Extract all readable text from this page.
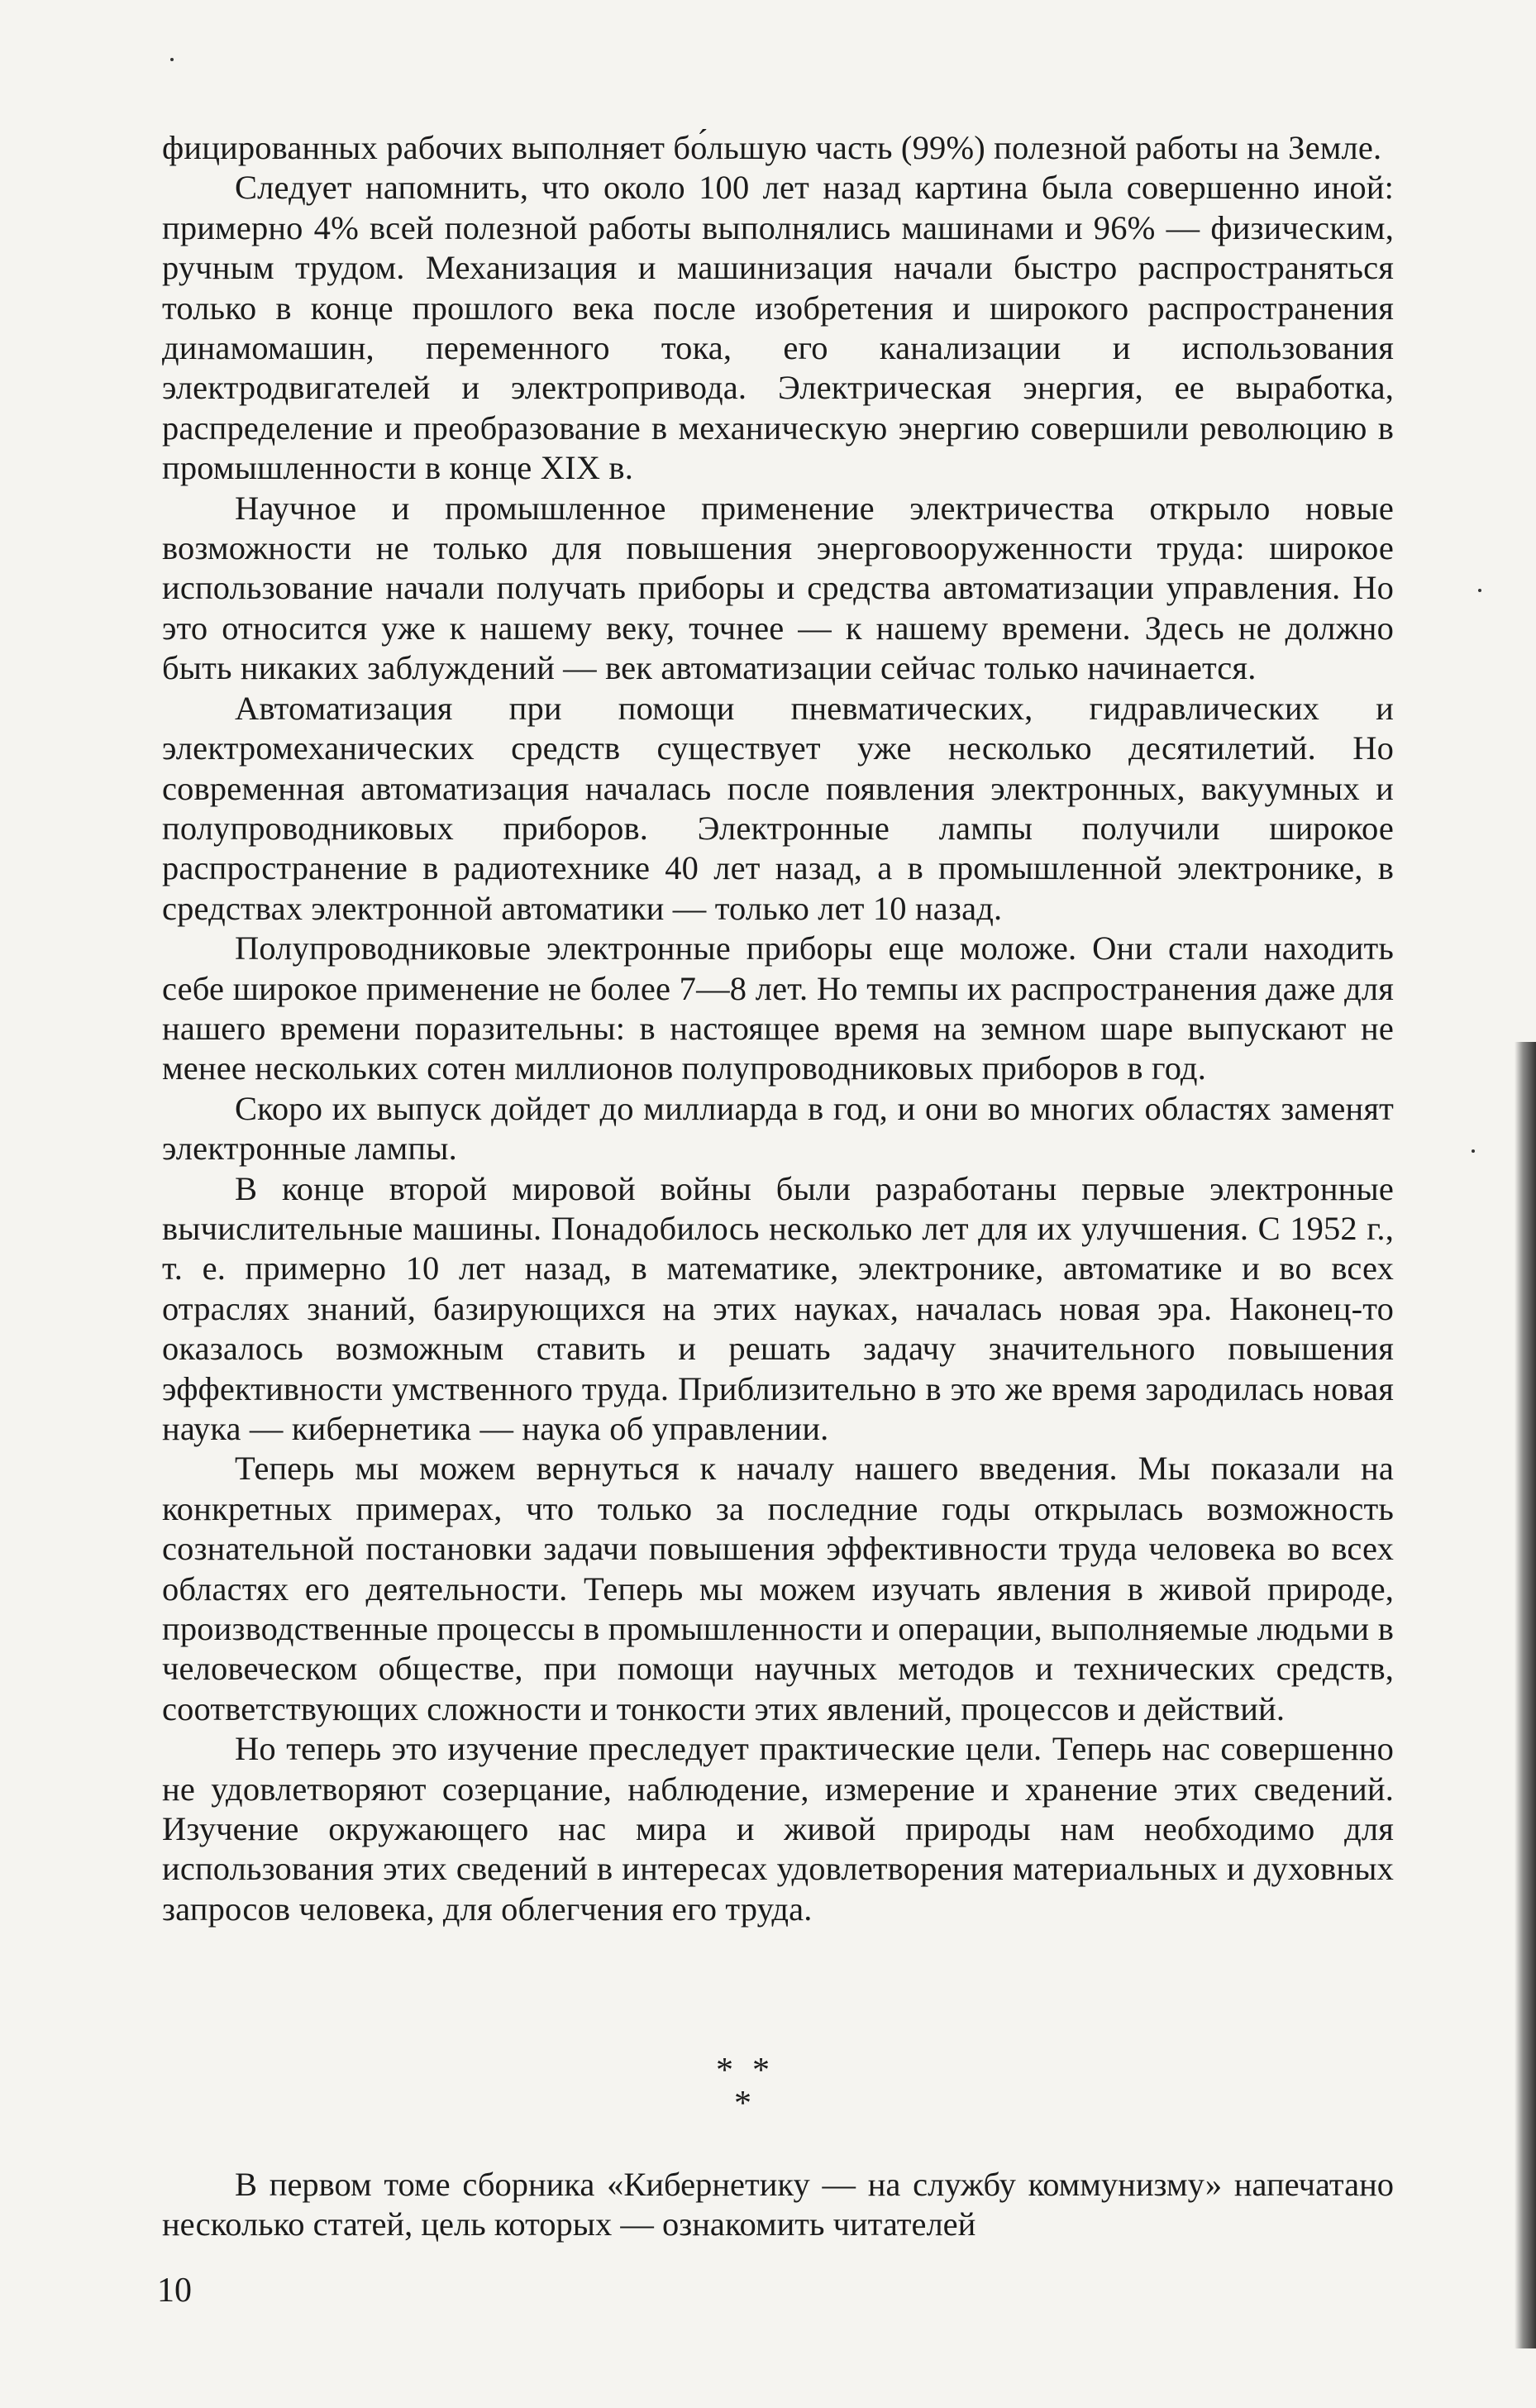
фицированных рабочих выполняет бо́льшую часть (99%) полезной работы на Земле.

Следует напомнить, что около 100 лет назад картина была совершенно иной: примерно 4% всей полезной работы выполнялись машинами и 96% — физическим, ручным трудом. Механизация и машинизация начали быстро распространяться только в конце прошлого века после изобретения и широкого распространения динамомашин, переменного тока, его канализации и использования электродвигателей и электропривода. Электрическая энергия, ее выработка, распределение и преобразование в механическую энергию совершили революцию в промышленности в конце XIX в.

Научное и промышленное применение электричества открыло новые возможности не только для повышения энерговооруженности труда: широкое использование начали получать приборы и средства автоматизации управления. Но это относится уже к нашему веку, точнее — к нашему времени. Здесь не должно быть никаких заблуждений — век автоматизации сейчас только начинается.

Автоматизация при помощи пневматических, гидравлических и электромеханических средств существует уже несколько десятилетий. Но современная автоматизация началась после появления электронных, вакуумных и полупроводниковых приборов. Электронные лампы получили широкое распространение в радиотехнике 40 лет назад, а в промышленной электронике, в средствах электронной автоматики — только лет 10 назад.

Полупроводниковые электронные приборы еще моложе. Они стали находить себе широкое применение не более 7—8 лет. Но темпы их распространения даже для нашего времени поразительны: в настоящее время на земном шаре выпускают не менее нескольких сотен миллионов полупроводниковых приборов в год.

Скоро их выпуск дойдет до миллиарда в год, и они во многих областях заменят электронные лампы.

В конце второй мировой войны были разработаны первые электронные вычислительные машины. Понадобилось несколько лет для их улучшения. С 1952 г., т. е. примерно 10 лет назад, в математике, электронике, автоматике и во всех отраслях знаний, базирующихся на этих науках, началась новая эра. Наконец-то оказалось возможным ставить и решать задачу значительного повышения эффективности умственного труда. Приблизительно в это же время зародилась новая наука — кибернетика — наука об управлении.

Теперь мы можем вернуться к началу нашего введения. Мы показали на конкретных примерах, что только за последние годы открылась возможность сознательной постановки задачи повышения эффективности труда человека во всех областях его деятельности. Теперь мы можем изучать явления в живой природе, производственные процессы в промышленности и операции, выполняемые людьми в человеческом обществе, при помощи научных методов и технических средств, соответствующих сложности и тонкости этих явлений, процессов и действий.

Но теперь это изучение преследует практические цели. Теперь нас совершенно не удовлетворяют созерцание, наблюдение, измерение и хранение этих сведений. Изучение окружающего нас мира и живой природы нам необходимо для использования этих сведений в интересах удовлетворения материальных и духовных запросов человека, для облегчения его труда.

* *
*

В первом томе сборника «Кибернетику — на службу коммунизму» напечатано несколько статей, цель которых — ознакомить читателей

10
